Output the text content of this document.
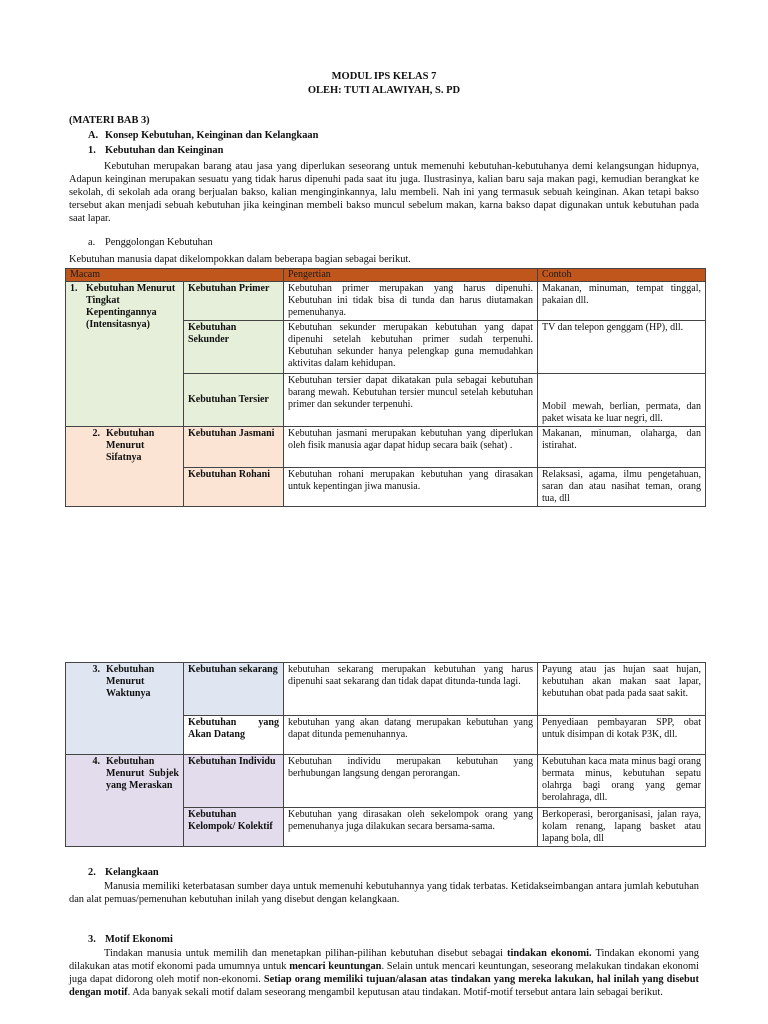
MODUL IPS KELAS 7
OLEH: TUTI ALAWIYAH, S. PD
(MATERI BAB 3)
A. Konsep Kebutuhan, Keinginan dan Kelangkaan
1. Kebutuhan dan Keinginan
Kebutuhan merupakan barang atau jasa yang diperlukan seseorang untuk memenuhi kebutuhan-kebutuhanya demi kelangsungan hidupnya, Adapun keinginan merupakan sesuatu yang tidak harus dipenuhi pada saat itu juga. Ilustrasinya, kalian baru saja makan pagi, kemudian berangkat ke sekolah, di sekolah ada orang berjualan bakso, kalian menginginkannya, lalu membeli. Nah ini yang termasuk sebuah keinginan. Akan tetapi bakso tersebut akan menjadi sebuah kebutuhan jika keinginan membeli bakso muncul sebelum makan, karna bakso dapat digunakan untuk kebutuhan pada saat lapar.
a. Penggolongan Kebutuhan
Kebutuhan manusia dapat dikelompokkan dalam beberapa bagian sebagai berikut.
Macam		Pengertian	Contoh

1. Kebutuhan Menurut Tingkat Kepentingannya (Intensitasnya)	Kebutuhan Primer	Kebutuhan primer merupakan yang harus dipenuhi. Kebutuhan ini tidak bisa di tunda dan harus diutamakan pemenuhanya.	Makanan, minuman, tempat tinggal, pakaian dll.
	Kebutuhan Sekunder	Kebutuhan sekunder merupakan kebutuhan yang dapat dipenuhi setelah kebutuhan primer sudah terpenuhi. Kebutuhan sekunder hanya pelengkap guna memudahkan aktivitas dalam kehidupan.	TV dan telepon genggam (HP), dll.
	Kebutuhan Tersier	Kebutuhan tersier dapat dikatakan pula sebagai kebutuhan barang mewah. Kebutuhan tersier muncul setelah kebutuhan primer dan sekunder terpenuhi.	Mobil mewah, berlian, permata, dan paket wisata ke luar negri, dll.

2. Kebutuhan Menurut Sifatnya	Kebutuhan Jasmani	Kebutuhan jasmani merupakan kebutuhan yang diperlukan oleh fisik manusia agar dapat hidup secara baik (sehat) .	Makanan, minuman, olaharga, dan istirahat.
	Kebutuhan Rohani	Kebutuhan rohani merupakan kebutuhan yang dirasakan untuk kepentingan jiwa manusia.	Relaksasi, agama, ilmu pengetahuan, saran dan atau nasihat teman, orang tua, dll
3. Kebutuhan Menurut Waktunya	Kebutuhan sekarang	kebutuhan sekarang merupakan kebutuhan yang harus dipenuhi saat sekarang dan tidak dapat ditunda-tunda lagi.	Payung atau jas hujan saat hujan, kebutuhan akan makan saat lapar, kebutuhan obat pada pada saat sakit.
	Kebutuhan yang Akan Datang	kebutuhan yang akan datang merupakan kebutuhan yang dapat ditunda pemenuhannya.	Penyediaan pembayaran SPP, obat untuk disimpan di kotak P3K, dll.

4. Kebutuhan Menurut Subjek yang Meraskan	Kebutuhan Individu	Kebutuhan individu merupakan kebutuhan yang berhubungan langsung dengan perorangan.	Kebutuhan kaca mata minus bagi orang bermata minus, kebutuhan sepatu olahrga bagi orang yang gemar berolahraga, dll.
	Kebutuhan Kelompok/ Kolektif	Kebutuhan yang dirasakan oleh sekelompok orang yang pemenuhanya juga dilakukan secara bersama-sama.	Berkoperasi, berorganisasi, jalan raya, kolam renang, lapang basket atau lapang bola, dll
2. Kelangkaan
Manusia memiliki keterbatasan sumber daya untuk memenuhi kebutuhannya yang tidak terbatas. Ketidakseimbangan antara jumlah kebutuhan dan alat pemuas/pemenuhan kebutuhan inilah yang disebut dengan kelangkaan.
3. Motif Ekonomi
Tindakan manusia untuk memilih dan menetapkan pilihan-pilihan kebutuhan disebut sebagai tindakan ekonomi. Tindakan ekonomi yang dilakukan atas motif ekonomi pada umumnya untuk mencari keuntungan. Selain untuk mencari keuntungan, seseorang melakukan tindakan ekonomi juga dapat didorong oleh motif non-ekonomi. Setiap orang memiliki tujuan/alasan atas tindakan yang mereka lakukan, hal inilah yang disebut dengan motif. Ada banyak sekali motif dalam seseorang mengambil keputusan atau tindakan. Motif-motif tersebut antara lain sebagai berikut.
